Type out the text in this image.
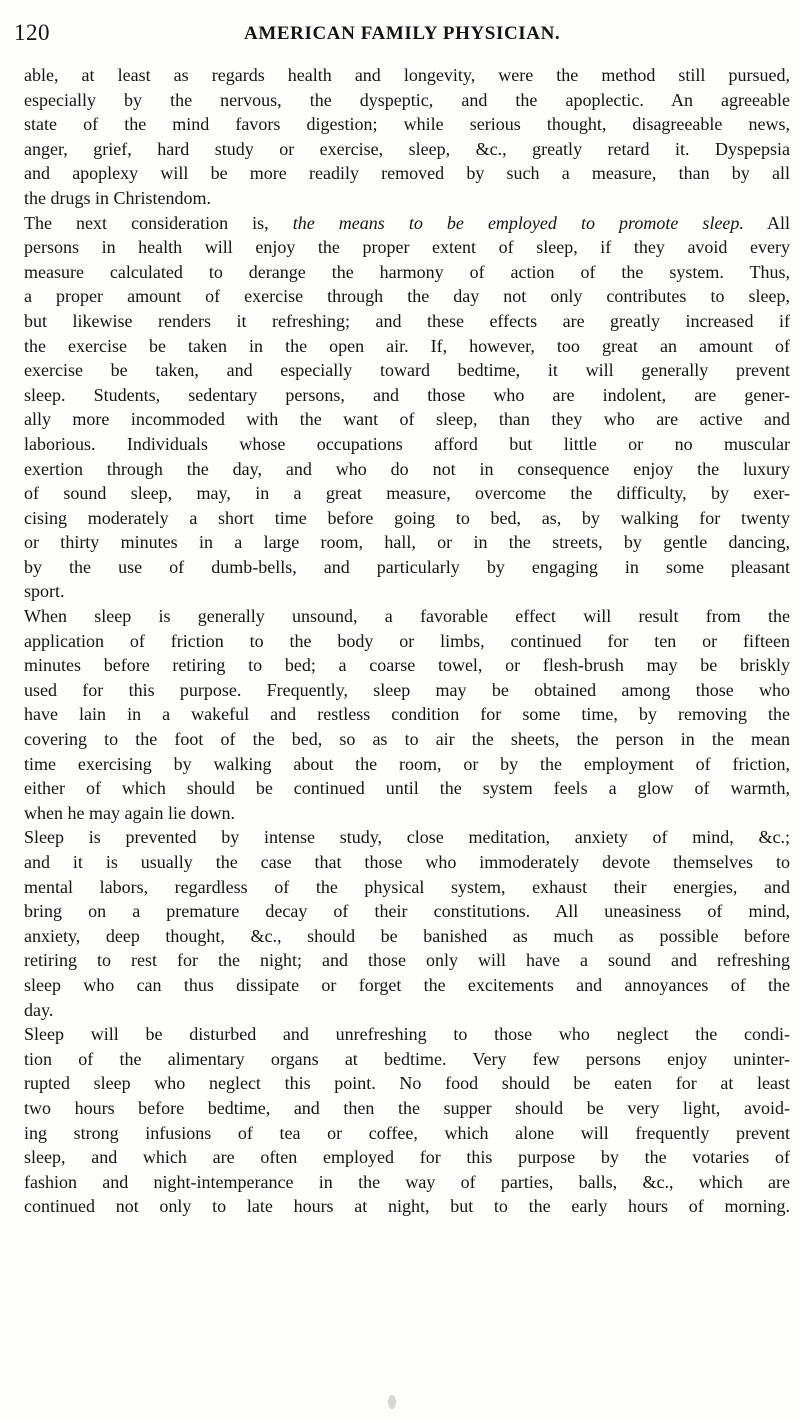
120	AMERICAN FAMILY PHYSICIAN.
able, at least as regards health and longevity, were the method still pursued,
especially by the nervous, the dyspeptic, and the apoplectic. An agreeable
state of the mind favors digestion; while serious thought, disagreeable news,
anger, grief, hard study or exercise, sleep, &c., greatly retard it. Dyspepsia
and apoplexy will be more readily removed by such a measure, than by all
the drugs in Christendom.
The next consideration is, the means to be employed to promote sleep. All
persons in health will enjoy the proper extent of sleep, if they avoid every
measure calculated to derange the harmony of action of the system. Thus,
a proper amount of exercise through the day not only contributes to sleep,
but likewise renders it refreshing; and these effects are greatly increased if
the exercise be taken in the open air. If, however, too great an amount of
exercise be taken, and especially toward bedtime, it will generally prevent
sleep. Students, sedentary persons, and those who are indolent, are gener-
ally more incommoded with the want of sleep, than they who are active and
laborious. Individuals whose occupations afford but little or no muscular
exertion through the day, and who do not in consequence enjoy the luxury
of sound sleep, may, in a great measure, overcome the difficulty, by exer-
cising moderately a short time before going to bed, as, by walking for twenty
or thirty minutes in a large room, hall, or in the streets, by gentle dancing,
by the use of dumb-bells, and particularly by engaging in some pleasant
sport.
When sleep is generally unsound, a favorable effect will result from the
application of friction to the body or limbs, continued for ten or fifteen
minutes before retiring to bed; a coarse towel, or flesh-brush may be briskly
used for this purpose. Frequently, sleep may be obtained among those who
have lain in a wakeful and restless condition for some time, by removing the
covering to the foot of the bed, so as to air the sheets, the person in the mean
time exercising by walking about the room, or by the employment of friction,
either of which should be continued until the system feels a glow of warmth,
when he may again lie down.
Sleep is prevented by intense study, close meditation, anxiety of mind, &c.;
and it is usually the case that those who immoderately devote themselves to
mental labors, regardless of the physical system, exhaust their energies, and
bring on a premature decay of their constitutions. All uneasiness of mind,
anxiety, deep thought, &c., should be banished as much as possible before
retiring to rest for the night; and those only will have a sound and refreshing
sleep who can thus dissipate or forget the excitements and annoyances of the
day.
Sleep will be disturbed and unrefreshing to those who neglect the condi-
tion of the alimentary organs at bedtime. Very few persons enjoy uninter-
rupted sleep who neglect this point. No food should be eaten for at least
two hours before bedtime, and then the supper should be very light, avoid-
ing strong infusions of tea or coffee, which alone will frequently prevent
sleep, and which are often employed for this purpose by the votaries of
fashion and night-intemperance in the way of parties, balls, &c., which are
continued not only to late hours at night, but to the early hours of morning.
